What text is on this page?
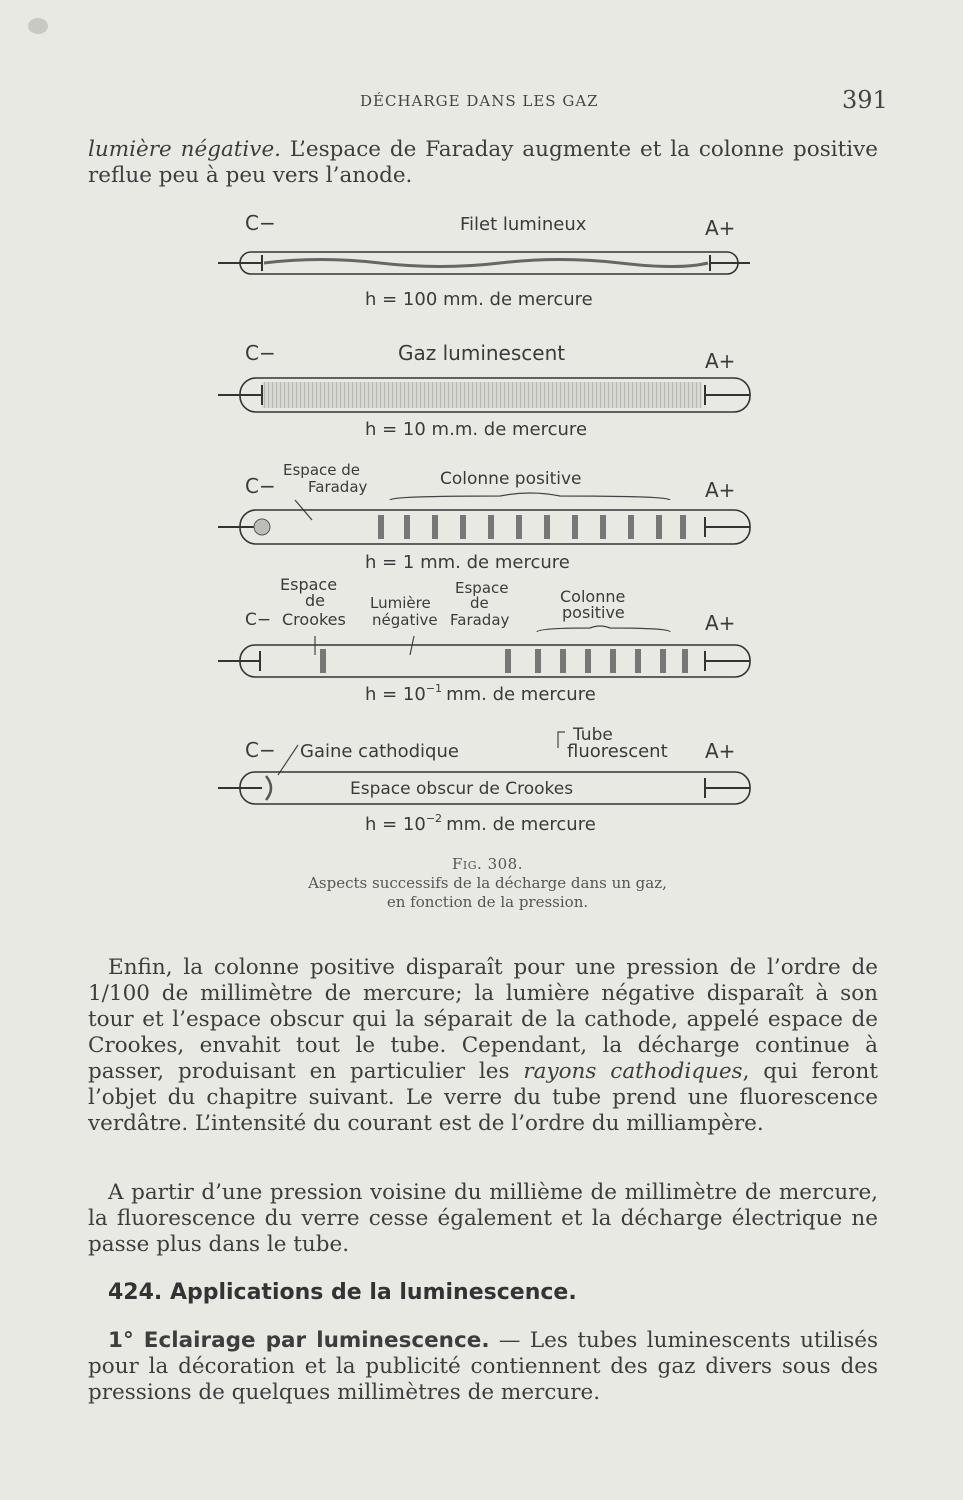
DÉCHARGE DANS LES GAZ	391

lumière négative. L’espace de Faraday augmente et la colonne positive reflue peu à peu vers l’anode.

C−	Filet lumineux	A+
h = 100 mm. de mercure
C−	Gaz luminescent	A+
h = 10 m.m. de mercure
C−
Espace de
Faraday	Colonne positive	A+
h = 1 mm. de mercure
Espace
de
C− Crookes
Lumière
négative
Espace
de
Faraday
Colonne
positive	A+
$h = 10^{-1}$ mm. de mercure
Tube
C− Gaine cathodique	fluorescent A+
Espace obscur de Crookes
$h = 10^{-2}$ mm. de mercure
Fig. 308.
Aspects successifs de la décharge dans un gaz,
en fonction de la pression.

Enfin, la colonne positive disparaît pour une pression de l’ordre de 1/100 de millimètre de mercure; la lumière négative disparaît à son tour et l’espace obscur qui la séparait de la cathode, appelé espace de Crookes, envahit tout le tube. Cependant, la décharge continue à passer, produisant en particulier les rayons cathodiques, qui feront l’objet du chapitre suivant. Le verre du tube prend une fluorescence verdâtre. L’intensité du courant est de l’ordre du milliampère.

A partir d’une pression voisine du millième de millimètre de mercure, la fluorescence du verre cesse également et la décharge électrique ne passe plus dans le tube.

424. Applications de la luminescence.

1° Eclairage par luminescence. — Les tubes luminescents utilisés pour la décoration et la publicité contiennent des gaz divers sous des pressions de quelques millimètres de mercure.
